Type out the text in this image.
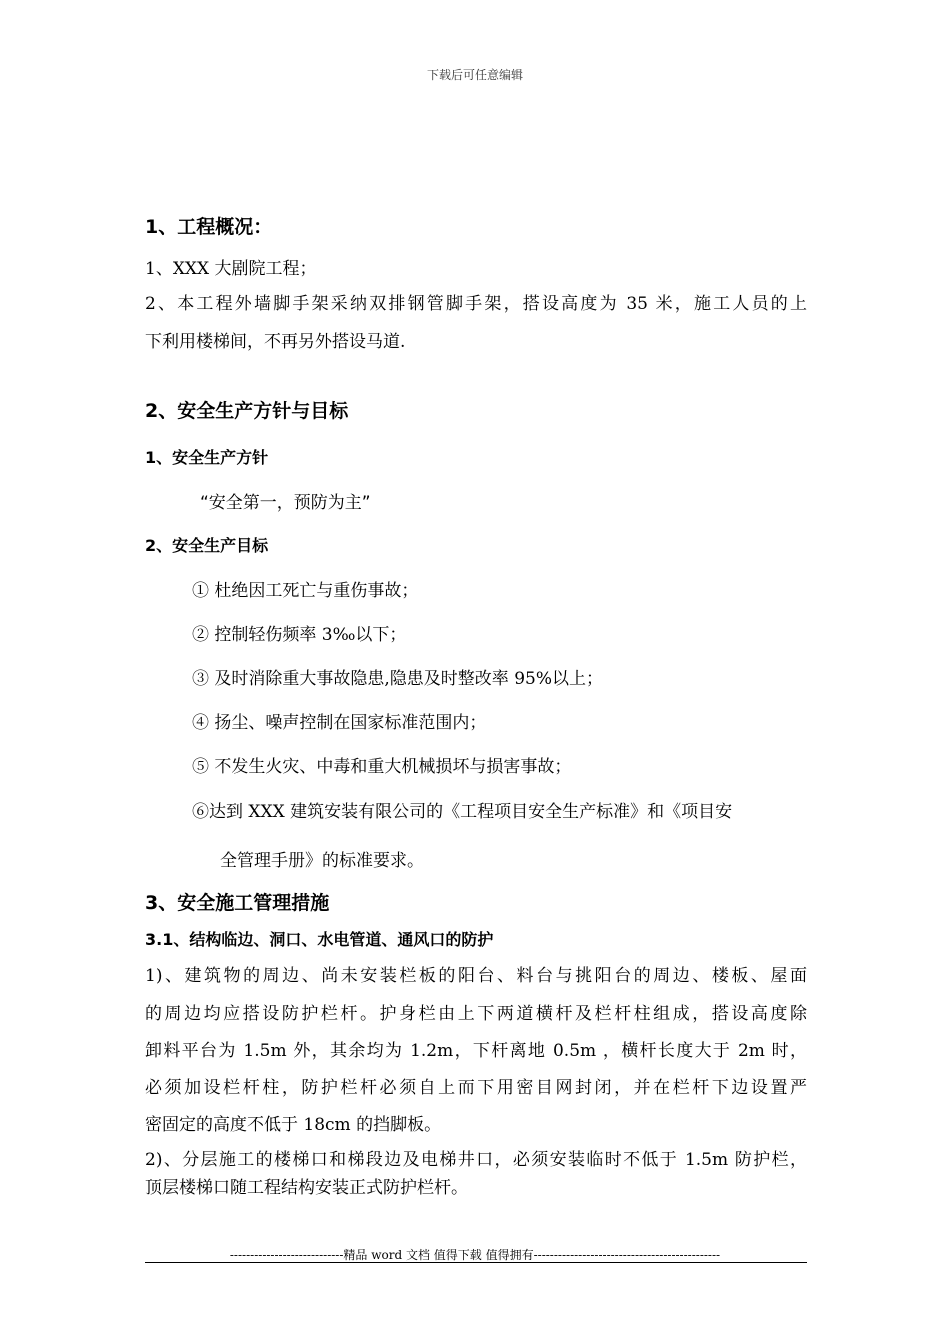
下载后可任意编辑
1、工程概况：
1、XXX 大剧院工程；
2、本工程外墙脚手架采纳双排钢管脚手架，搭设高度为 35 米，施工人员的上
下利用楼梯间，不再另外搭设马道.
2、安全生产方针与目标
1、安全生产方针
“安全第一，预防为主”
2、安全生产目标
① 杜绝因工死亡与重伤事故；
② 控制轻伤频率 3‰以下；
③ 及时消除重大事故隐患,隐患及时整改率 95%以上；
④ 扬尘、噪声控制在国家标准范围内；
⑤ 不发生火灾、中毒和重大机械损坏与损害事故；
⑥达到 XXX 建筑安装有限公司的《工程项目安全生产标准》和《项目安
全管理手册》的标准要求。
3、安全施工管理措施
3.1、结构临边、洞口、水电管道、通风口的防护
1)、建筑物的周边、尚未安装栏板的阳台、料台与挑阳台的周边、楼板、屋面
的周边均应搭设防护栏杆。护身栏由上下两道横杆及栏杆柱组成，搭设高度除
卸料平台为 1.5m 外，其余均为 1.2m，下杆离地 0.5m ，横杆长度大于 2m 时，
必须加设栏杆柱，防护栏杆必须自上而下用密目网封闭，并在栏杆下边设置严
密固定的高度不低于 18cm 的挡脚板。
2)、分层施工的楼梯口和梯段边及电梯井口，必须安装临时不低于 1.5m 防护栏，
顶层楼梯口随工程结构安装正式防护栏杆。
----------------------------精品 word 文档 值得下载 值得拥有----------------------------------------------
